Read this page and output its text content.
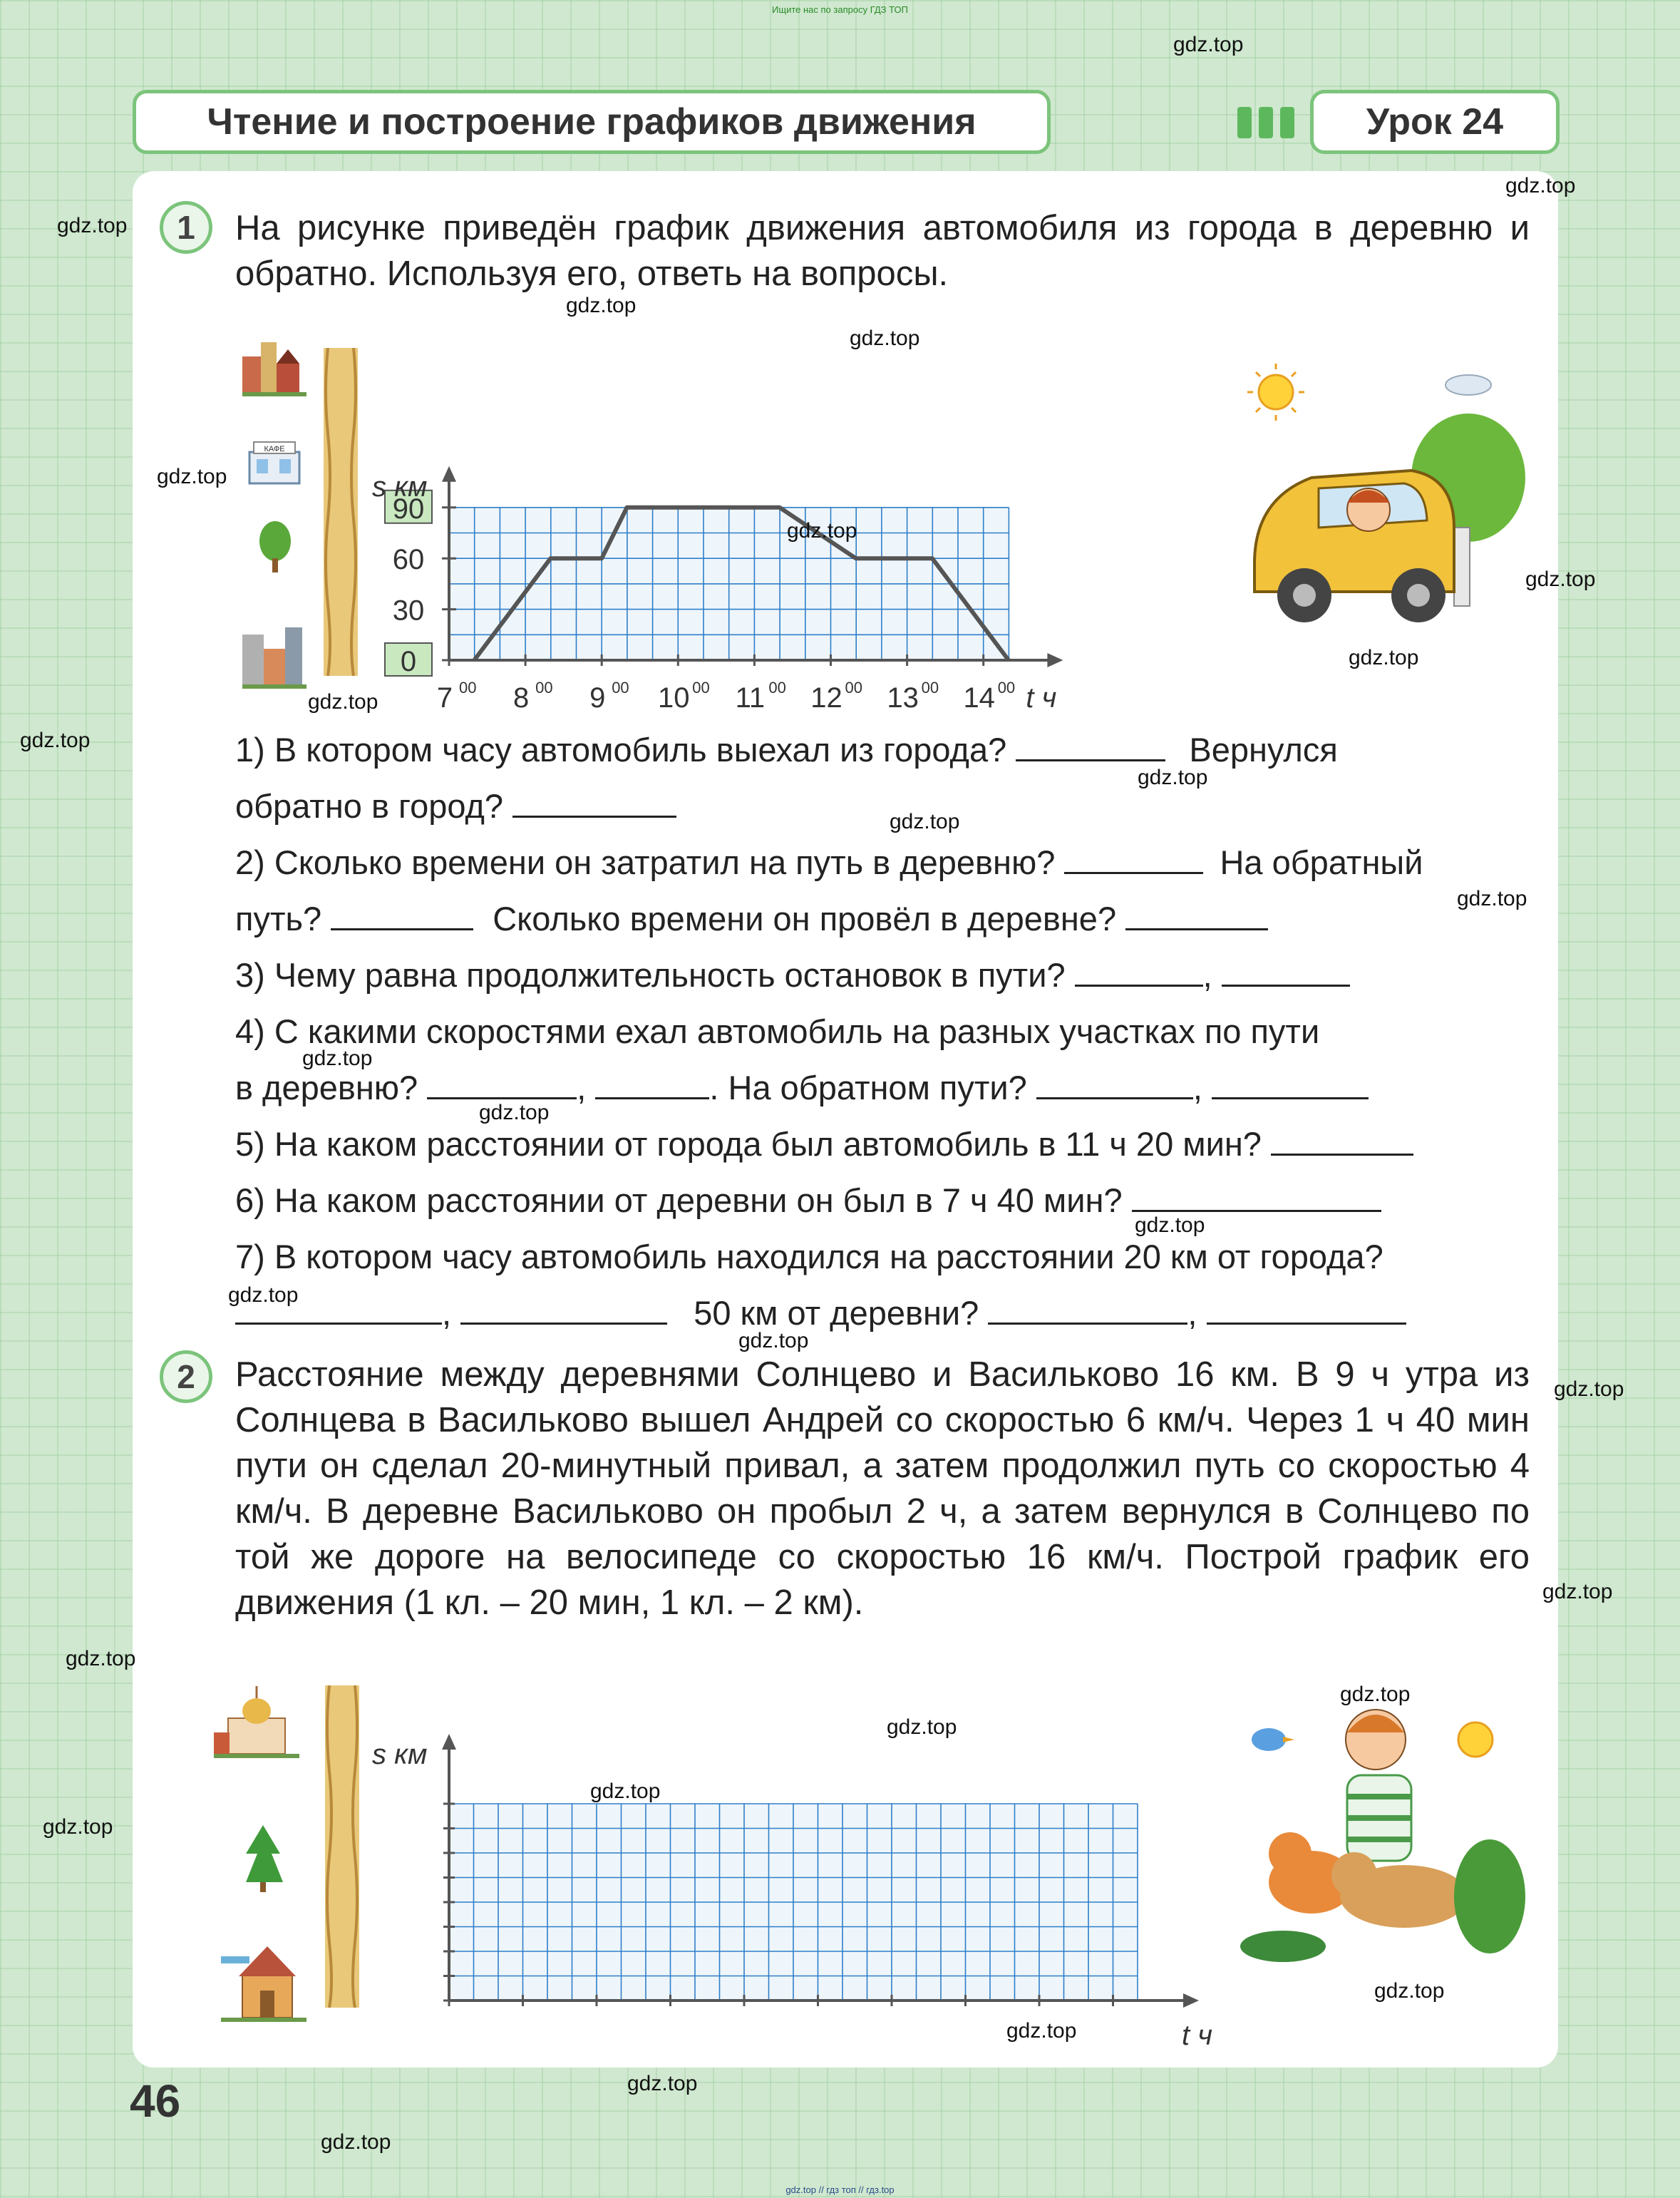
Ищите нас по запросу ГДЗ ТОП
Чтение и построение графиков движения	Урок 24
1	На рисунке приведён график движения автомобиля из города в деревню и обратно. Используя его, ответь на вопросы.
КАФЕ
0
30
60
90
7 00 8 00 9 00 10 00 11 00 12 00 13 00 14 00
s км
t ч
1) В котором часу автомобиль выехал из города?	Вернулся
обратно в город?
2) Сколько времени он затратил на путь в деревню?	На обратный
путь?	Сколько времени он провёл в деревне?
3) Чему равна продолжительность остановок в пути?	,
4) С какими скоростями ехал автомобиль на разных участках по пути
в деревню?	,	. На обратном пути?	,
5) На каком расстоянии от города был автомобиль в 11 ч 20 мин?
6) На каком расстоянии от деревни он был в 7 ч 40 мин?
7) В котором часу автомобиль находился на расстоянии 20 км от города?
,	50 км от деревни?	,
2	Расстояние между деревнями Солнцево и Васильково 16 км. В 9 ч утра из Солнцева в Васильково вышел Андрей со скоростью 6 км/ч. Через 1 ч 40 мин пути он сделал 20-минутный привал, а затем продолжил путь со скоростью 4 км/ч. В деревне Васильково он пробыл 2 ч, а затем вернулся в Солнцево по той же дороге на велосипеде со скоростью 16 км/ч. Построй график его движения (1 кл. – 20 мин, 1 кл. – 2 км).
s км
t ч
46
gdz.top
gdz.top
gdz.top
gdz.top
gdz.top
gdz.top
gdz.top
gdz.top
gdz.top
gdz.top
gdz.top
gdz.top
gdz.top
gdz.top
gdz.top
gdz.top
gdz.top
gdz.top
gdz.top
gdz.top
gdz.top
gdz.top
gdz.top
gdz.top
gdz.top
gdz.top
gdz.top
gdz.top
gdz.top
gdz.top
gdz.top // гдз топ // гдз.top
